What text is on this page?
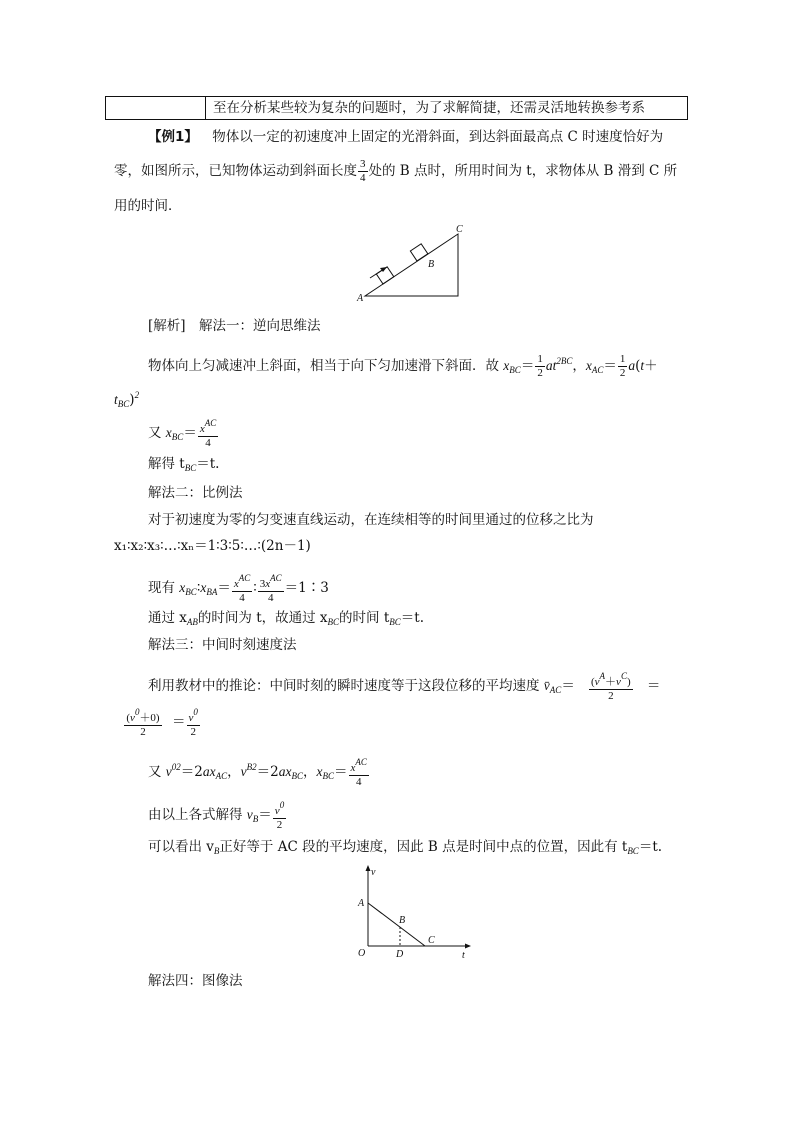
至在分析某些较为复杂的问题时，为了求解简捷，还需灵活地转换参考系
【例1】 物体以一定的初速度冲上固定的光滑斜面，到达斜面最高点 C 时速度恰好为
零，如图所示，已知物体运动到斜面长度 $\frac{3}{4}$ 处的 B 点时，所用时间为 t，求物体从 B 滑到 C 所
用的时间．
A
B
C
[解析]　解法一：逆向思维法
物体向上匀减速冲上斜面，相当于向下匀加速滑下斜面．故 $x_{BC}= \frac{1}{2} at^{2BC}$，$x_{AC}= \frac{1}{2} a(t+$
$t_{BC})^2$
又 $x_{BC}= \frac{x^{AC}}{4}$
解得 $t_{BC}=t$.
解法二：比例法
对于初速度为零的匀变速直线运动，在连续相等的时间里通过的位移之比为
x₁∶x₂∶x₃∶…∶xₙ＝1∶3∶5∶…∶(2n－1)
现有 $x_{BC}∶x_{BA}= \frac{x^{AC}}{4}$ ∶ $\frac{3x^{AC}}{4}$ ＝1∶3
通过 $x_{AB}$的时间为 t，故通过 $x_{BC}$的时间 $t_{BC}=t$.
解法三：中间时刻速度法
利用教材中的推论：中间时刻的瞬时速度等于这段位移的平均速度 $v̄_{AC}= \frac{(v^A+v^C)}{2}$ ＝
$\frac{(v^0+0)}{2} = \frac{v^0}{2}$
又 $v^{02}=2ax_{AC}$，$v^{B2}=2ax_{BC}$，$x_{BC}= \frac{x^{AC}}{4}$
由以上各式解得 $v_B= \frac{v^0}{2}$
可以看出 $v_B$正好等于 AC 段的平均速度，因此 B 点是时间中点的位置，因此有 $t_{BC}=t$.
v
t
O
A
B
C
D
解法四：图像法
